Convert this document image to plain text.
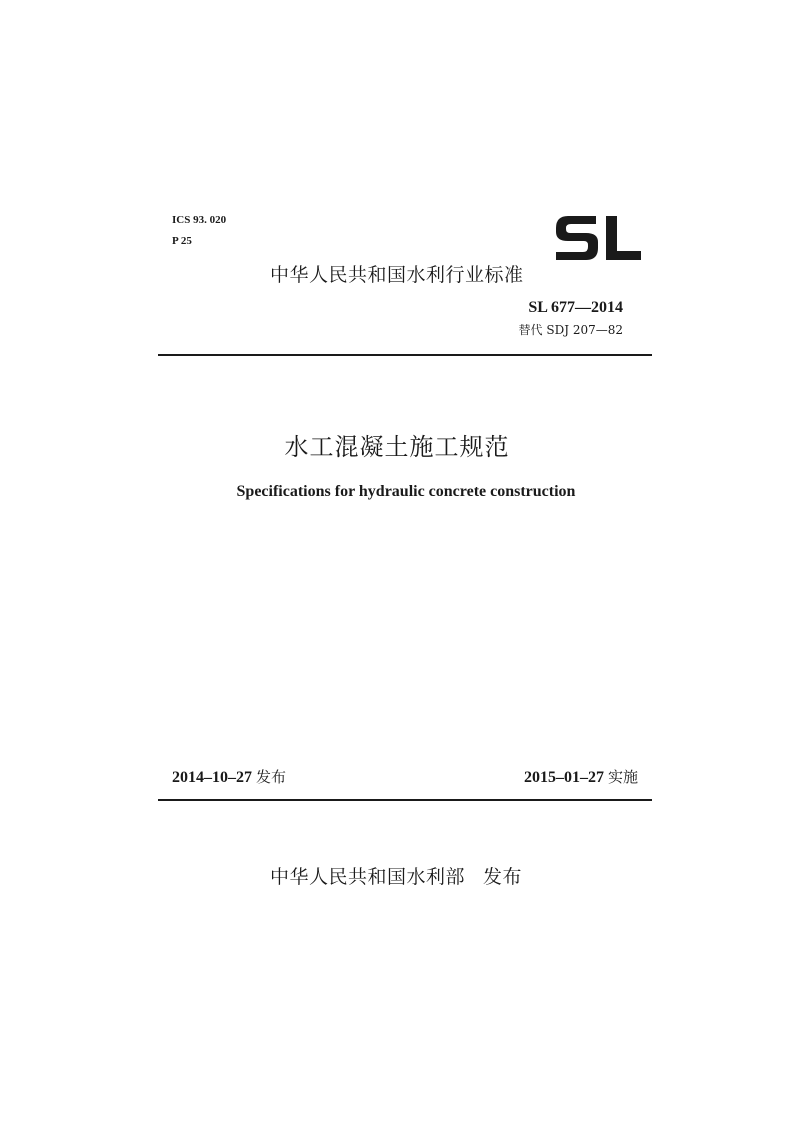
ICS 93. 020
P 25
中华人民共和国水利行业标准
SL 677—2014
替代 SDJ 207—82
水工混凝土施工规范
Specifications for hydraulic concrete construction
2014–10–27 发布	2015–01–27 实施
中华人民共和国水利部 发布
